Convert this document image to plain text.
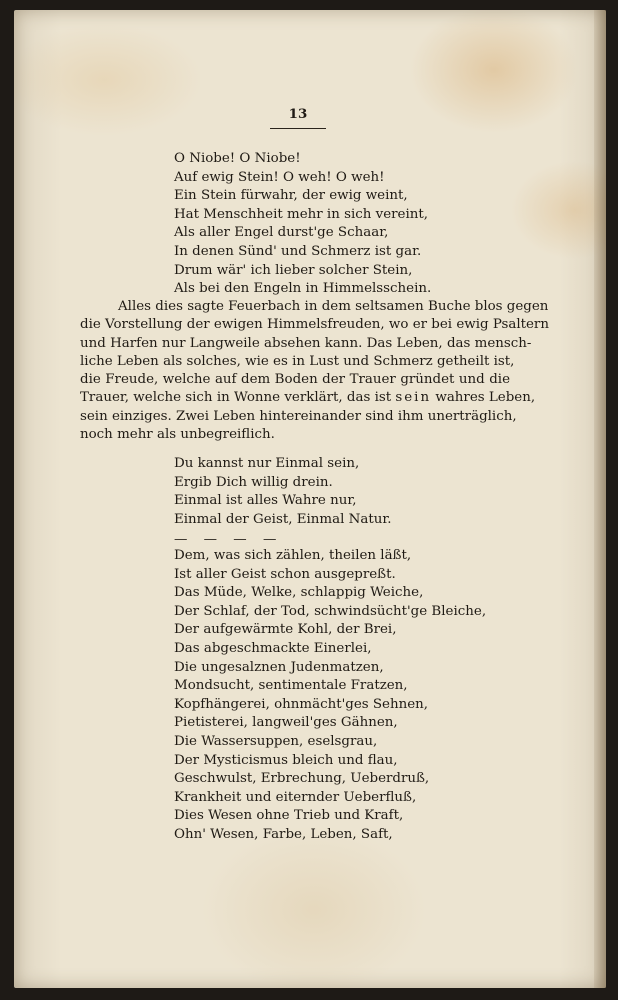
13
O Niobe! O Niobe!
Auf ewig Stein! O weh! O weh!
Ein Stein fürwahr, der ewig weint,
Hat Menschheit mehr in sich vereint,
Als aller Engel durst'ge Schaar,
In denen Sünd' und Schmerz ist gar.
Drum wär' ich lieber solcher Stein,
Als bei den Engeln in Himmelsschein.
Alles dies sagte Feuerbach in dem seltsamen Buche blos gegen
die Vorstellung der ewigen Himmelsfreuden, wo er bei ewig Psaltern
und Harfen nur Langweile absehen kann. Das Leben, das mensch-
liche Leben als solches, wie es in Lust und Schmerz getheilt ist,
die Freude, welche auf dem Boden der Trauer gründet und die
Trauer, welche sich in Wonne verklärt, das ist sein wahres Leben,
sein einziges. Zwei Leben hintereinander sind ihm unerträglich,
noch mehr als unbegreiflich.
Du kannst nur Einmal sein,
Ergib Dich willig drein.
Einmal ist alles Wahre nur,
Einmal der Geist, Einmal Natur.
— — — —
Dem, was sich zählen, theilen läßt,
Ist aller Geist schon ausgepreßt.
Das Müde, Welke, schlappig Weiche,
Der Schlaf, der Tod, schwindsücht'ge Bleiche,
Der aufgewärmte Kohl, der Brei,
Das abgeschmackte Einerlei,
Die ungesalznen Judenmatzen,
Mondsucht, sentimentale Fratzen,
Kopfhängerei, ohnmächt'ges Sehnen,
Pietisterei, langweil'ges Gähnen,
Die Wassersuppen, eselsgrau,
Der Mysticismus bleich und flau,
Geschwulst, Erbrechung, Ueberdruß,
Krankheit und eiternder Ueberfluß,
Dies Wesen ohne Trieb und Kraft,
Ohn' Wesen, Farbe, Leben, Saft,
